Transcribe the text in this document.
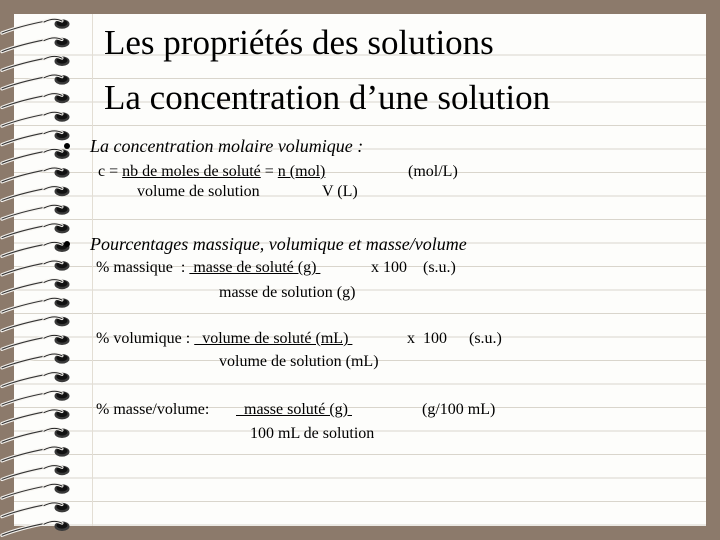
Les propriétés des solutions
La concentration d’une solution
La concentration molaire volumique :
c = nb de moles de soluté = n (mol)	(mol/L)
volume de solution	V (L)
Pourcentages massique, volumique et masse/volume
% massique  :  masse de soluté (g)	x 100 (s.u.)
masse de solution (g)
% volumique :   volume de soluté (mL)	x  100 (s.u.)
volume de solution (mL)
% masse/volume: masse soluté (g)	(g/100 mL)
100 mL de solution
